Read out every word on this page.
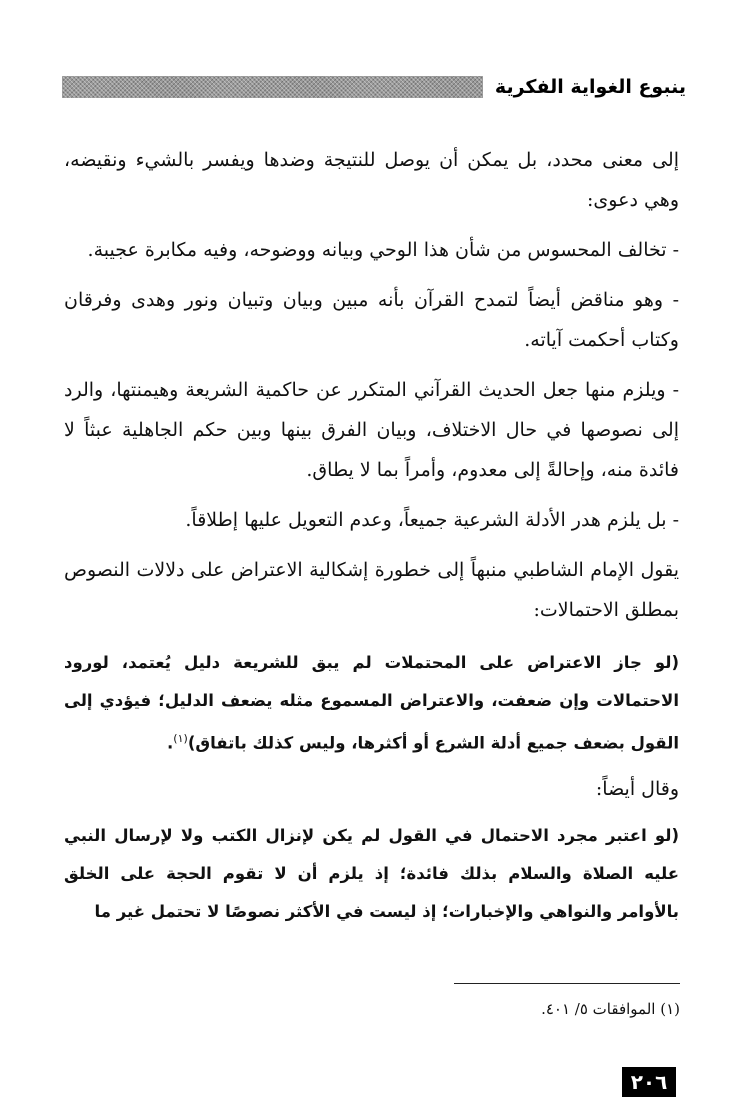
ينبوع الغواية الفكرية

إلى معنى محدد، بل يمكن أن يوصل للنتيجة وضدها ويفسر بالشيء ونقيضه، وهي دعوى:

- تخالف المحسوس من شأن هذا الوحي وبيانه ووضوحه، وفيه مكابرة عجيبة.

- وهو مناقض أيضاً لتمدح القرآن بأنه مبين وبيان وتبيان ونور وهدى وفرقان وكتاب أحكمت آياته.

- ويلزم منها جعل الحديث القرآني المتكرر عن حاكمية الشريعة وهيمنتها، والرد إلى نصوصها في حال الاختلاف، وبيان الفرق بينها وبين حكم الجاهلية عبثاً لا فائدة منه، وإحالةً إلى معدوم، وأمراً بما لا يطاق.

- بل يلزم هدر الأدلة الشرعية جميعاً، وعدم التعويل عليها إطلاقاً.

يقول الإمام الشاطبي منبهاً إلى خطورة إشكالية الاعتراض على دلالات النصوص بمطلق الاحتمالات:

(لو جاز الاعتراض على المحتملات لم يبق للشريعة دليل يُعتمد، لورود الاحتمالات وإن ضعفت، والاعتراض المسموع مثله يضعف الدليل؛ فيؤدي إلى القول بضعف جميع أدلة الشرع أو أكثرها، وليس كذلك باتفاق)$^{(١)}$.

وقال أيضاً:

(لو اعتبر مجرد الاحتمال في القول لم يكن لإنزال الكتب ولا لإرسال النبي عليه الصلاة والسلام بذلك فائدة؛ إذ يلزم أن لا تقوم الحجة على الخلق بالأوامر والنواهي والإخبارات؛ إذ ليست في الأكثر نصوصًا لا تحتمل غير ما

(١) الموافقات ٥/ ٤٠١.
٢٠٦
